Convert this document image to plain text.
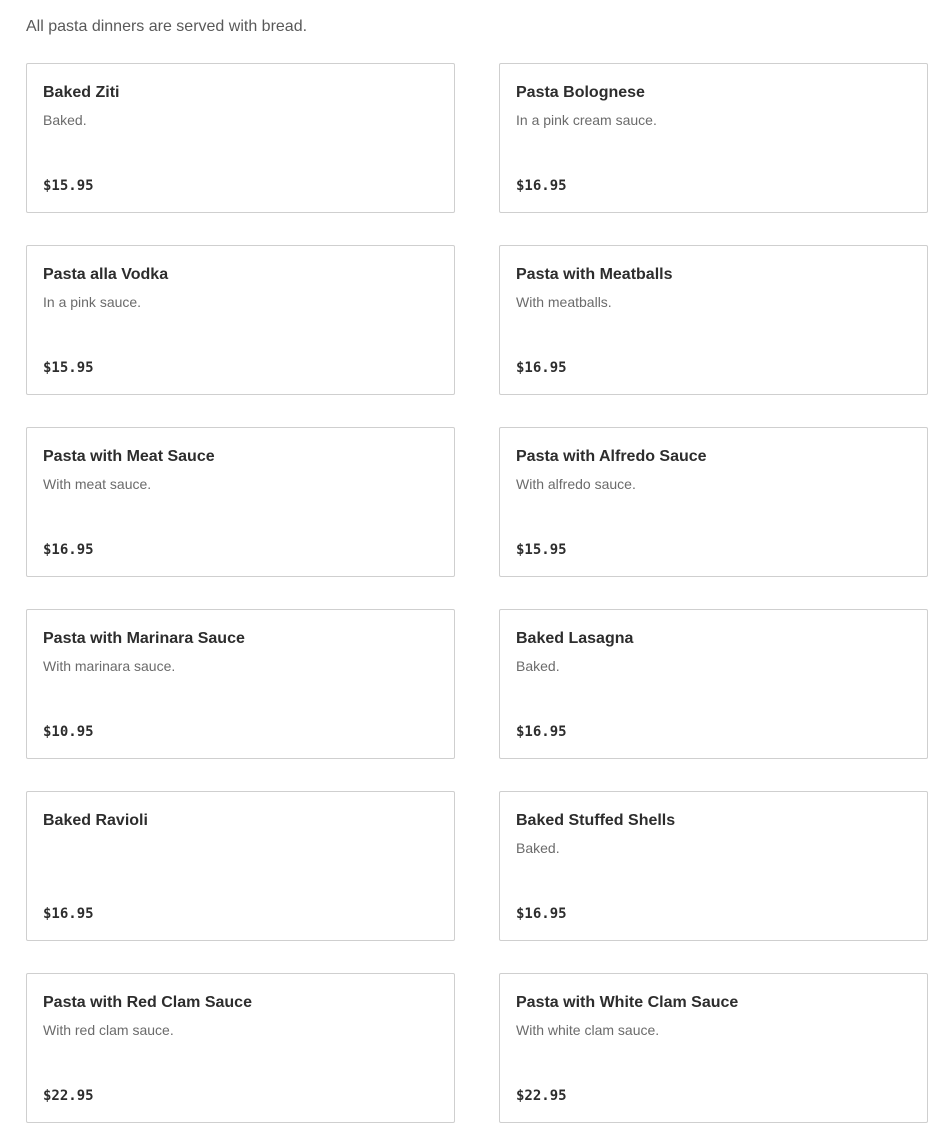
All pasta dinners are served with bread.
Baked Ziti
Baked.
$15.95
Pasta Bolognese
In a pink cream sauce.
$16.95
Pasta alla Vodka
In a pink sauce.
$15.95
Pasta with Meatballs
With meatballs.
$16.95
Pasta with Meat Sauce
With meat sauce.
$16.95
Pasta with Alfredo Sauce
With alfredo sauce.
$15.95
Pasta with Marinara Sauce
With marinara sauce.
$10.95
Baked Lasagna
Baked.
$16.95
Baked Ravioli
$16.95
Baked Stuffed Shells
Baked.
$16.95
Pasta with Red Clam Sauce
With red clam sauce.
$22.95
Pasta with White Clam Sauce
With white clam sauce.
$22.95
